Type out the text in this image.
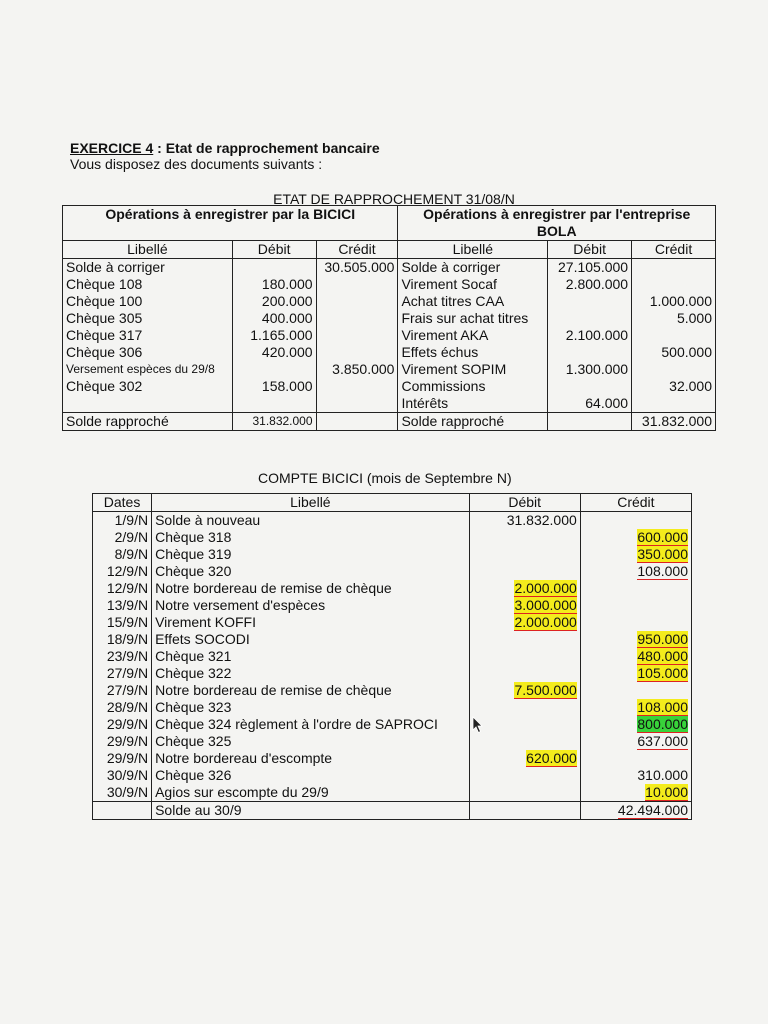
EXERCICE 4 : Etat de rapprochement bancaire
Vous disposez des documents suivants :
ETAT DE RAPPROCHEMENT 31/08/N
Opérations à enregistrer par la BICICI			Opérations à enregistrer par l'entreprise BOLA		
Libellé	Débit	Crédit	Libellé	Débit	Crédit
Solde à corriger		30.505.000	Solde à corriger	27.105.000	
Chèque 108	180.000		Virement Socaf	2.800.000	
Chèque 100	200.000		Achat titres CAA		1.000.000
Chèque 305	400.000		Frais sur achat titres		5.000
Chèque 317	1.165.000		Virement AKA	2.100.000	
Chèque 306	420.000		Effets échus		500.000
Versement espèces du 29/8		3.850.000	Virement SOPIM	1.300.000	
Chèque 302	158.000		Commissions		32.000
			Intérêts	64.000	
Solde rapproché	31.832.000		Solde rapproché		31.832.000
COMPTE BICICI (mois de Septembre N)
Dates	Libellé	Débit	Crédit
1/9/N	Solde à nouveau	31.832.000	
2/9/N	Chèque 318		600.000
8/9/N	Chèque 319		350.000
12/9/N	Chèque 320		108.000
12/9/N	Notre bordereau de remise de chèque	2.000.000	
13/9/N	Notre versement d'espèces	3.000.000	
15/9/N	Virement KOFFI	2.000.000	
18/9/N	Effets SOCODI		950.000
23/9/N	Chèque 321		480.000
27/9/N	Chèque 322		105.000
27/9/N	Notre bordereau de remise de chèque	7.500.000	
28/9/N	Chèque 323		108.000
29/9/N	Chèque 324 règlement à l'ordre de SAPROCI		800.000
29/9/N	Chèque 325		637.000
29/9/N	Notre bordereau d'escompte	620.000	
30/9/N	Chèque 326		310.000
30/9/N	Agios sur escompte du 29/9		10.000
	Solde au 30/9		42.494.000
